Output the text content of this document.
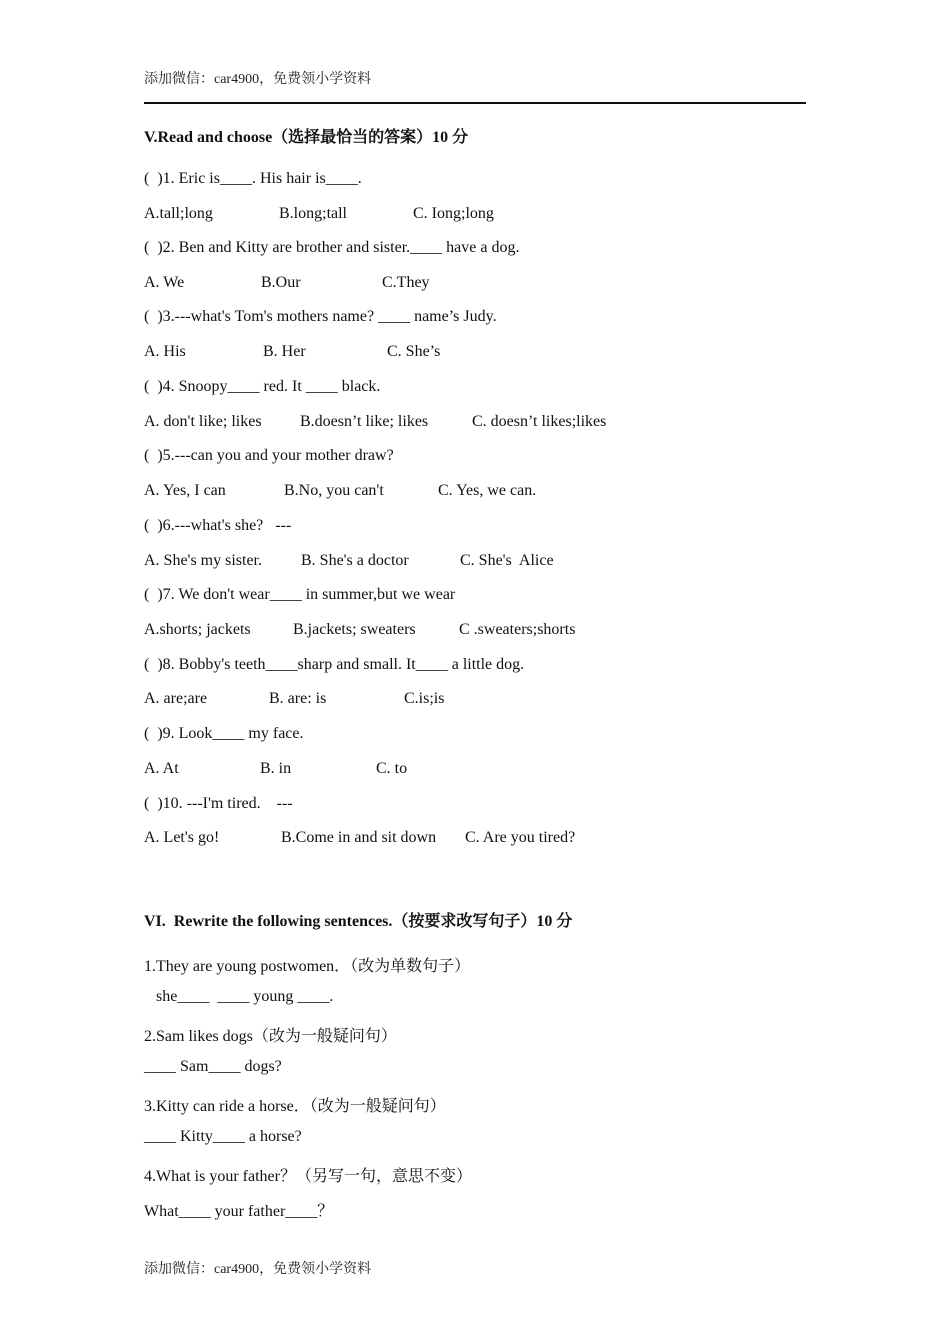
添加微信：car4900，免费领小学资料
V.Read and choose（选择最恰当的答案）10 分
(  )1. Eric is____. His hair is____.
A.tall;long	B.long;tall	C. Iong;long
(  )2. Ben and Kitty are brother and sister.____ have a dog.
A. We	B.Our	C.They
(  )3.---what's Tom's mothers name? ____ name’s Judy.
A. His	B. Her	C. She’s
(  )4. Snoopy____ red. It ____ black.
A. don't like; likes B.doesn’t like; likes	C. doesn’t likes;likes
(  )5.---can you and your mother draw?
A. Yes, I can	B.No, you can't	C. Yes, we can.
(  )6.---what's she?   ---
A. She's my sister. B. She's a doctor	C. She's  Alice
(  )7. We don't wear____ in summer,but we wear
A.shorts; jackets	B.jackets; sweaters	C .sweaters;shorts
(  )8. Bobby's teeth____sharp and small. It____ a little dog.
A. are;are	B. are: is	C.is;is
(  )9. Look____ my face.
A. At	B. in	C. to
(  )10. ---I'm tired.    ---
A. Let's go!	B.Come in and sit down C. Are you tired?
VI.  Rewrite the following sentences.（按要求改写句子）10 分
1.They are young postwomen．（改为单数句子）
she____  ____ young ____.
2.Sam likes dogs（改为一般疑问句）
____ Sam____ dogs?
3.Kitty can ride a horse．（改为一般疑问句）
____ Kitty____ a horse?
4.What is your father？（另写一句，意思不变）
What____ your father____？
添加微信：car4900，免费领小学资料
